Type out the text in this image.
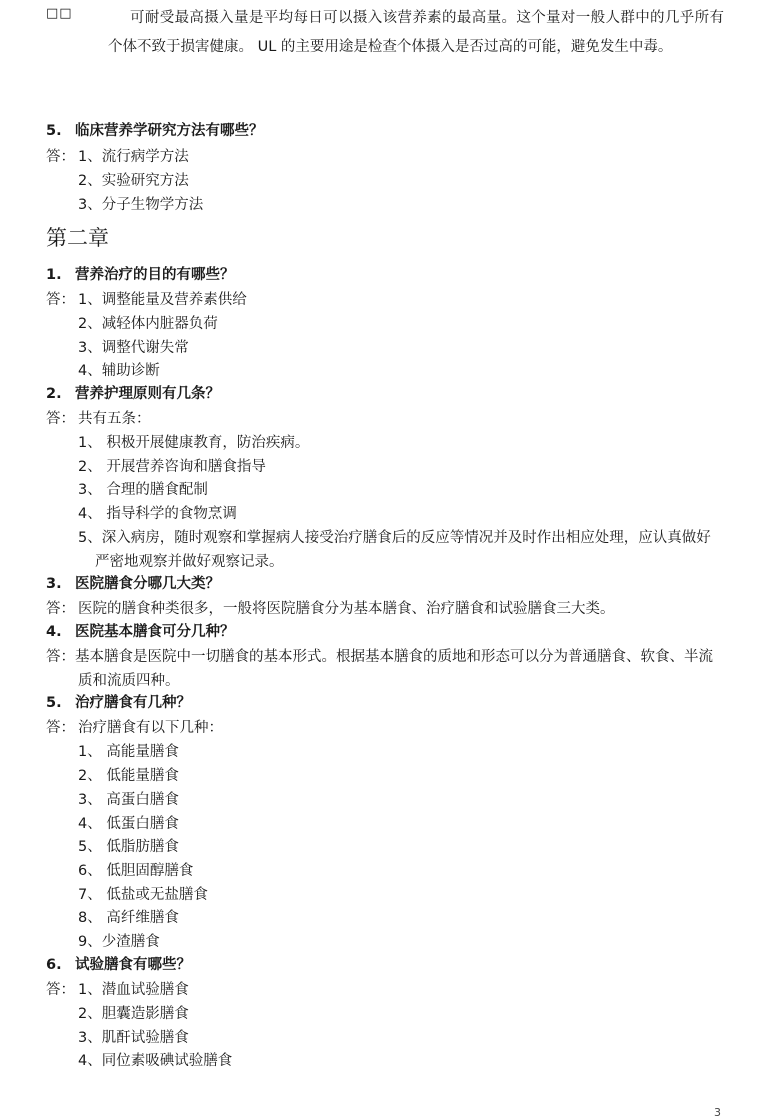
□□	可耐受最高摄入量是平均每日可以摄入该营养素的最高量。这个量对一般人群中的几乎所有个体不致于损害健康。 UL 的主要用途是检查个体摄入是否过高的可能，避免发生中毒。
5. 临床营养学研究方法有哪些？
答： 1、流行病学方法
2、实验研究方法
3、分子生物学方法
第二章
1. 营养治疗的目的有哪些？
答： 1、调整能量及营养素供给
2、减轻体内脏器负荷
3、调整代谢失常
4、辅助诊断
2. 营养护理原则有几条？
答： 共有五条：
1、 积极开展健康教育，防治疾病。
2、 开展营养咨询和膳食指导
3、 合理的膳食配制
4、 指导科学的食物烹调
5、深入病房，随时观察和掌握病人接受治疗膳食后的反应等情况并及时作出相应处理，应认真做好严密地观察并做好观察记录。
3. 医院膳食分哪几大类？
答： 医院的膳食种类很多，一般将医院膳食分为基本膳食、治疗膳食和试验膳食三大类。
4. 医院基本膳食可分几种？
答：基本膳食是医院中一切膳食的基本形式。根据基本膳食的质地和形态可以分为普通膳食、软食、半流质和流质四种。
5. 治疗膳食有几种？
答： 治疗膳食有以下几种：
1、 高能量膳食
2、 低能量膳食
3、 高蛋白膳食
4、 低蛋白膳食
5、 低脂肪膳食
6、 低胆固醇膳食
7、 低盐或无盐膳食
8、 高纤维膳食
9、少渣膳食
6. 试验膳食有哪些？
答： 1、潜血试验膳食
2、胆囊造影膳食
3、肌酐试验膳食
4、同位素吸碘试验膳食
3
